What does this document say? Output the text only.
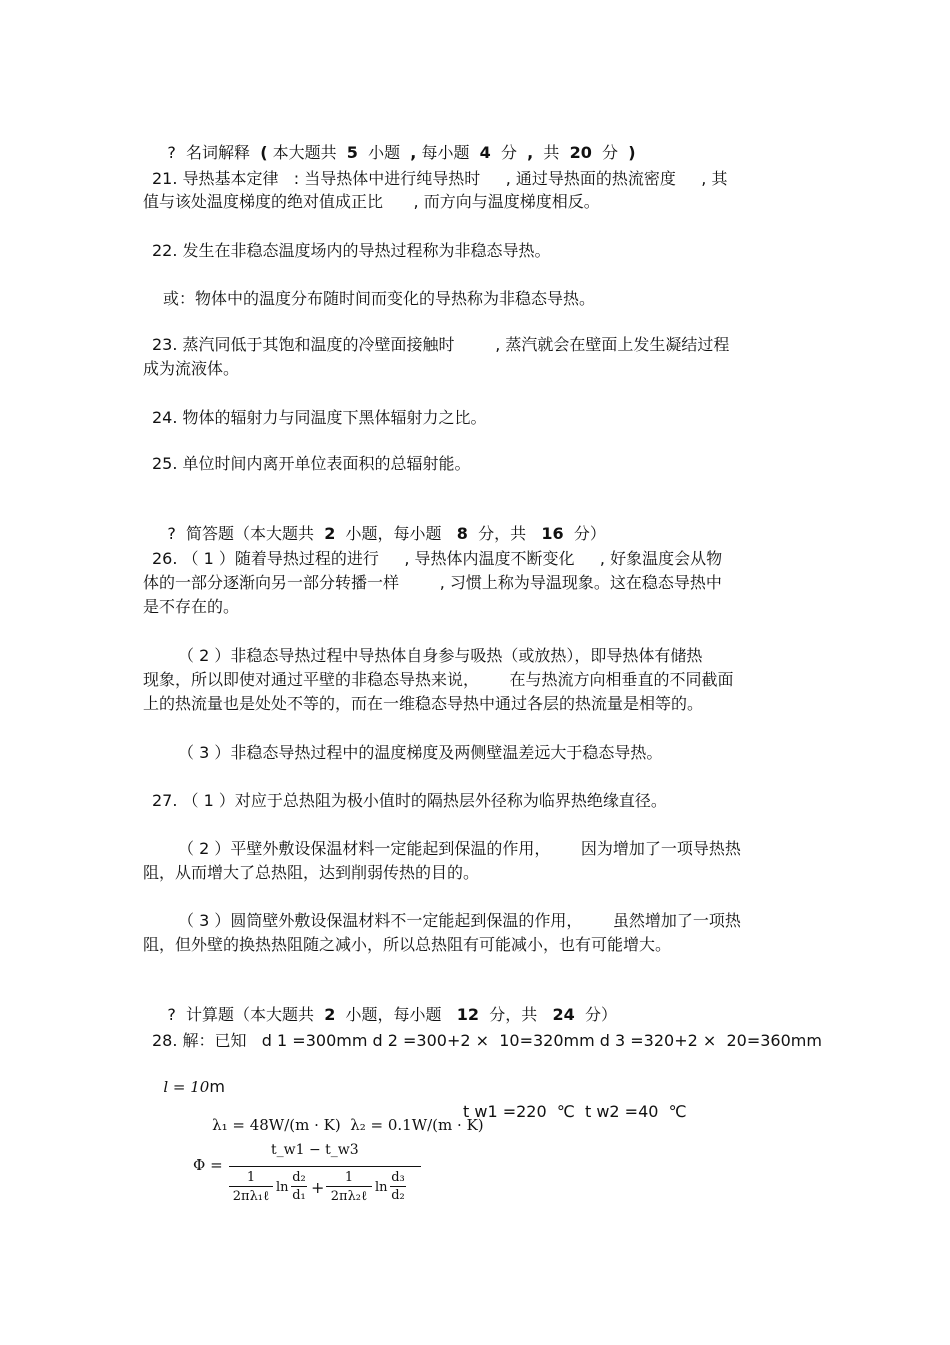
? 名词解释 ( 本大题共 5 小题 , 每小题 4 分 , 共 20 分 )

21. 导热基本定律   : 当导热体中进行纯导热时     , 通过导热面的热流密度     , 其
值与该处温度梯度的绝对值成正比      , 而方向与温度梯度相反。
22. 发生在非稳态温度场内的导热过程称为非稳态导热。
或：物体中的温度分布随时间而变化的导热称为非稳态导热。
23. 蒸汽同低于其饱和温度的冷壁面接触时        , 蒸汽就会在壁面上发生凝结过程
成为流液体。
24. 物体的辐射力与同温度下黑体辐射力之比。
25. 单位时间内离开单位表面积的总辐射能。

? 简答题（本大题共 2 小题，每小题 8 分，共 16 分）

26. （ 1 ）随着导热过程的进行     , 导热体内温度不断变化     , 好象温度会从物
体的一部分逐渐向另一部分转播一样        , 习惯上称为导温现象。这在稳态导热中
是不存在的。
（ 2 ）非稳态导热过程中导热体自身参与吸热（或放热），即导热体有储热
现象，所以即使对通过平壁的非稳态导热来说，      在与热流方向相垂直的不同截面
上的热流量也是处处不等的，而在一维稳态导热中通过各层的热流量是相等的。
（ 3 ）非稳态导热过程中的温度梯度及两侧壁温差远大于稳态导热。
27. （ 1 ）对应于总热阻为极小值时的隔热层外径称为临界热绝缘直径。
（ 2 ）平壁外敷设保温材料一定能起到保温的作用，      因为增加了一项导热热
阻，从而增大了总热阻，达到削弱传热的目的。
（ 3 ）圆筒壁外敷设保温材料不一定能起到保温的作用，      虽然增加了一项热
阻，但外壁的换热热阻随之减小，所以总热阻有可能减小，也有可能增大。

? 计算题（本大题共 2 小题，每小题 12 分，共 24 分）

28. 解：已知   d 1 =300mm d 2 =300+2 ×  10=320mm d 3 =320+2 ×  20=360mm

l = 10m

λ₁ = 48W/(m · K)  λ₂ = 0.1W/(m · K)

t w1 =220  ℃  t w2 =40  ℃
Φ =
t_w1 − t_w3
1
2πλ₁ℓ
ln
d₂
d₁ +
1
2πλ₂ℓ
ln
d₃
d₂
